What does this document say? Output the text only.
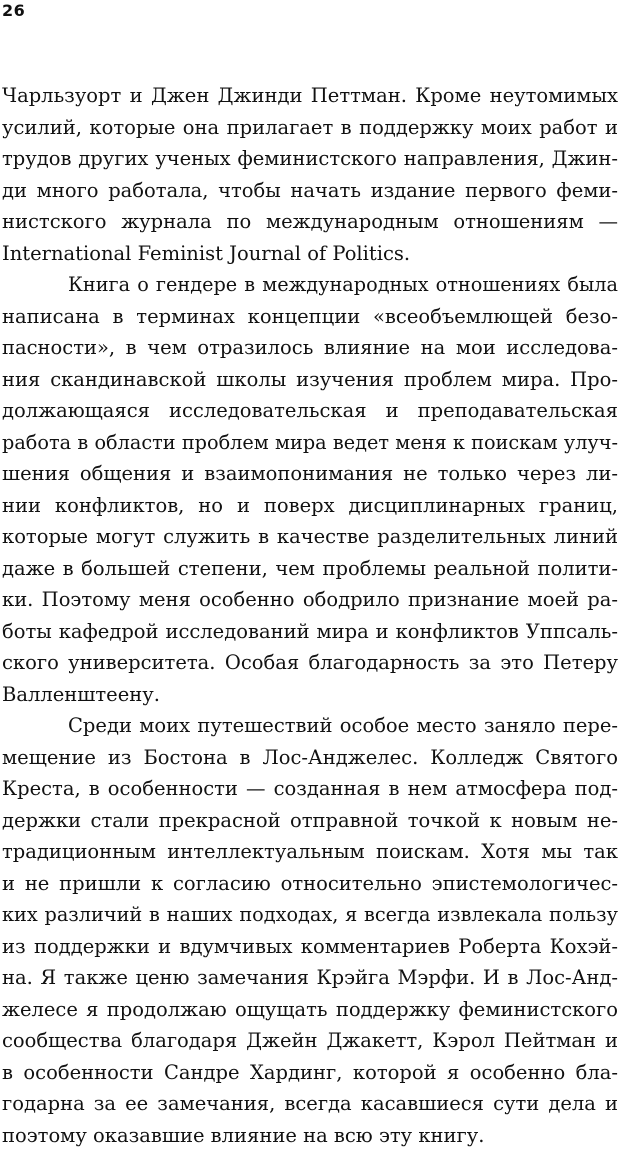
26
Чарльзуорт и Джен Джинди Петтман. Кроме неутомимых
усилий, которые она прилагает в поддержку моих работ и
трудов других ученых феминистского направления, Джин-
ди много работала, чтобы начать издание первого феми-
нистского журнала по международным отношениям —
International Feminist Journal of Politics.
Книга о гендере в международных отношениях была
написана в терминах концепции «всеобъемлющей безо-
пасности», в чем отразилось влияние на мои исследова-
ния скандинавской школы изучения проблем мира. Про-
должающаяся исследовательская и преподавательская
работа в области проблем мира ведет меня к поискам улуч-
шения общения и взаимопонимания не только через ли-
нии конфликтов, но и поверх дисциплинарных границ,
которые могут служить в качестве разделительных линий
даже в большей степени, чем проблемы реальной полити-
ки. Поэтому меня особенно ободрило признание моей ра-
боты кафедрой исследований мира и конфликтов Уппсаль-
ского университета. Особая благодарность за это Петеру
Валленштеену.
Среди моих путешествий особое место заняло пере-
мещение из Бостона в Лос-Анджелес. Колледж Святого
Креста, в особенности — созданная в нем атмосфера под-
держки стали прекрасной отправной точкой к новым не-
традиционным интеллектуальным поискам. Хотя мы так
и не пришли к согласию относительно эпистемологичес-
ких различий в наших подходах, я всегда извлекала пользу
из поддержки и вдумчивых комментариев Роберта Кохэй-
на. Я также ценю замечания Крэйга Мэрфи. И в Лос-Анд-
желесе я продолжаю ощущать поддержку феминистского
сообщества благодаря Джейн Джакетт, Кэрол Пейтман и
в особенности Сандре Хардинг, которой я особенно бла-
годарна за ее замечания, всегда касавшиеся сути дела и
поэтому оказавшие влияние на всю эту книгу.
